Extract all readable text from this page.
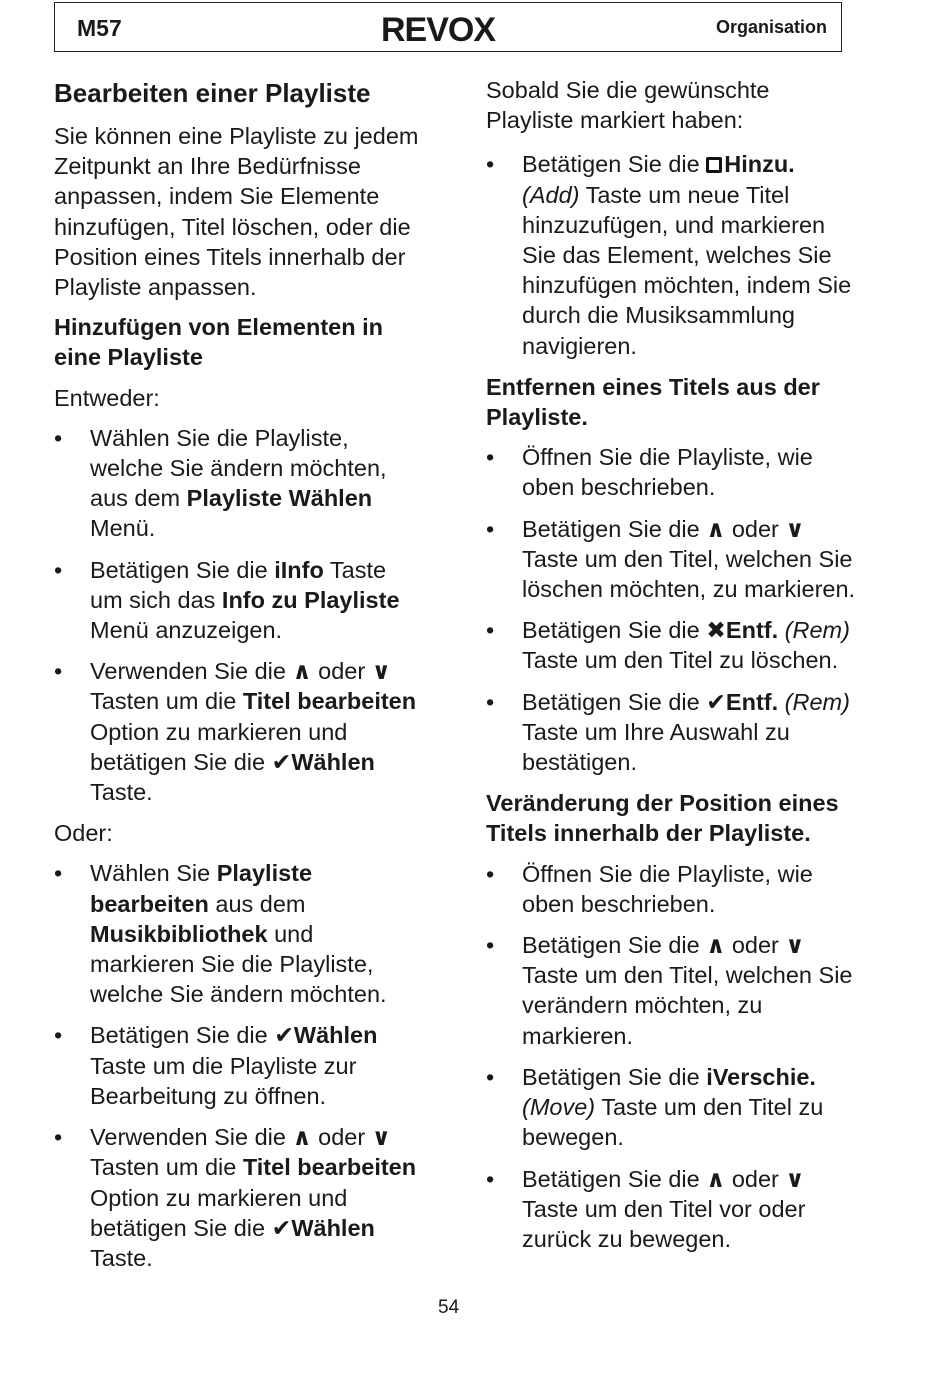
M57	REVOX	Organisation
Bearbeiten einer Playliste

Sie können eine Playliste zu jedem Zeitpunkt an Ihre Bedürfnisse anpassen, indem Sie Elemente hinzufügen, Titel löschen, oder die Position eines Titels innerhalb der Playliste anpassen.

Hinzufügen von Elementen in eine Playliste

Entweder:

• Wählen Sie die Playliste, welche Sie ändern möchten, aus dem Playliste Wählen Menü.
• Betätigen Sie die iInfo Taste um sich das Info zu Playliste Menü anzuzeigen.
• Verwenden Sie die ∧ oder ∨ Tasten um die Titel bearbeiten Option zu markieren und betätigen Sie die ✔Wählen Taste.

Oder:

• Wählen Sie Playliste bearbeiten aus dem Musikbibliothek und markieren Sie die Playliste, welche Sie ändern möchten.
• Betätigen Sie die ✔Wählen Taste um die Playliste zur Bearbeitung zu öffnen.
• Verwenden Sie die ∧ oder ∨ Tasten um die Titel bearbeiten Option zu markieren und betätigen Sie die ✔Wählen Taste.

Sobald Sie die gewünschte Playliste markiert haben:

• Betätigen Sie die Hinzu. (Add) Taste um neue Titel hinzuzufügen, und markieren Sie das Element, welches Sie hinzufügen möchten, indem Sie durch die Musiksammlung navigieren.
Entfernen eines Titels aus der Playliste.
• Öffnen Sie die Playliste, wie oben beschrieben.
• Betätigen Sie die ∧ oder ∨ Taste um den Titel, welchen Sie löschen möchten, zu markieren.
• Betätigen Sie die ✖Entf. (Rem) Taste um den Titel zu löschen.
• Betätigen Sie die ✔Entf. (Rem) Taste um Ihre Auswahl zu bestätigen.
Veränderung der Position eines Titels innerhalb der Playliste.
• Öffnen Sie die Playliste, wie oben beschrieben.
• Betätigen Sie die ∧ oder ∨ Taste um den Titel, welchen Sie verändern möchten, zu markieren.
• Betätigen Sie die iVerschie. (Move) Taste um den Titel zu bewegen.
• Betätigen Sie die ∧ oder ∨ Taste um den Titel vor oder zurück zu bewegen.
54
